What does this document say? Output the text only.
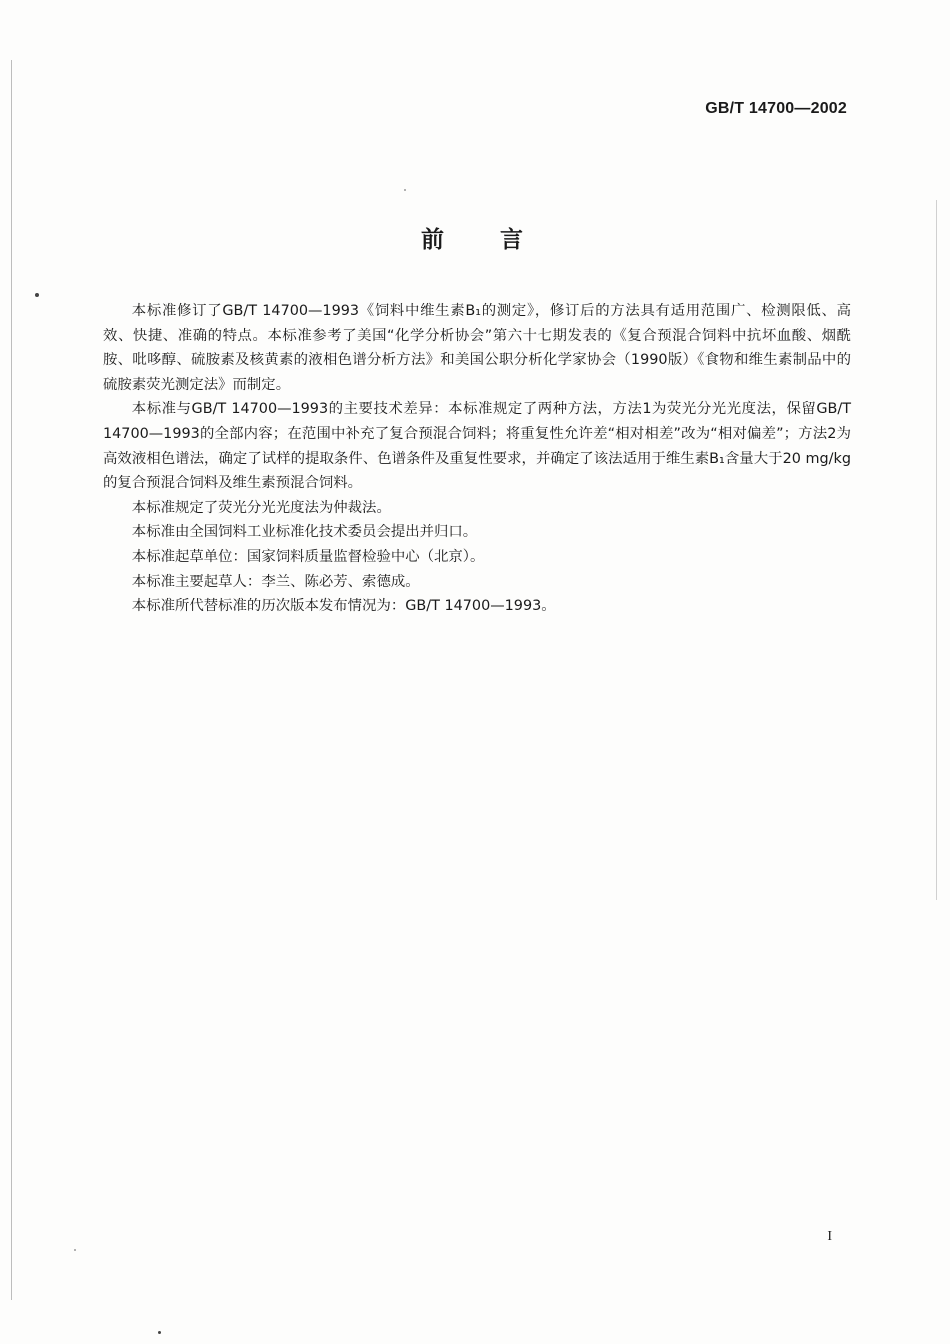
GB/T 14700—2002
前言

本标准修订了GB/T 14700—1993《饲料中维生素B₁的测定》，修订后的方法具有适用范围广、检测限低、高效、快捷、准确的特点。本标准参考了美国“化学分析协会”第六十七期发表的《复合预混合饲料中抗坏血酸、烟酰胺、吡哆醇、硫胺素及核黄素的液相色谱分析方法》和美国公职分析化学家协会（1990版）《食物和维生素制品中的硫胺素荧光测定法》而制定。

本标准与GB/T 14700—1993的主要技术差异：本标准规定了两种方法，方法1为荧光分光光度法，保留GB/T 14700—1993的全部内容；在范围中补充了复合预混合饲料；将重复性允许差“相对相差”改为“相对偏差”；方法2为高效液相色谱法，确定了试样的提取条件、色谱条件及重复性要求，并确定了该法适用于维生素B₁含量大于20 mg/kg的复合预混合饲料及维生素预混合饲料。

本标准规定了荧光分光光度法为仲裁法。

本标准由全国饲料工业标准化技术委员会提出并归口。

本标准起草单位：国家饲料质量监督检验中心（北京）。

本标准主要起草人：李兰、陈必芳、索德成。

本标准所代替标准的历次版本发布情况为：GB/T 14700—1993。

I
